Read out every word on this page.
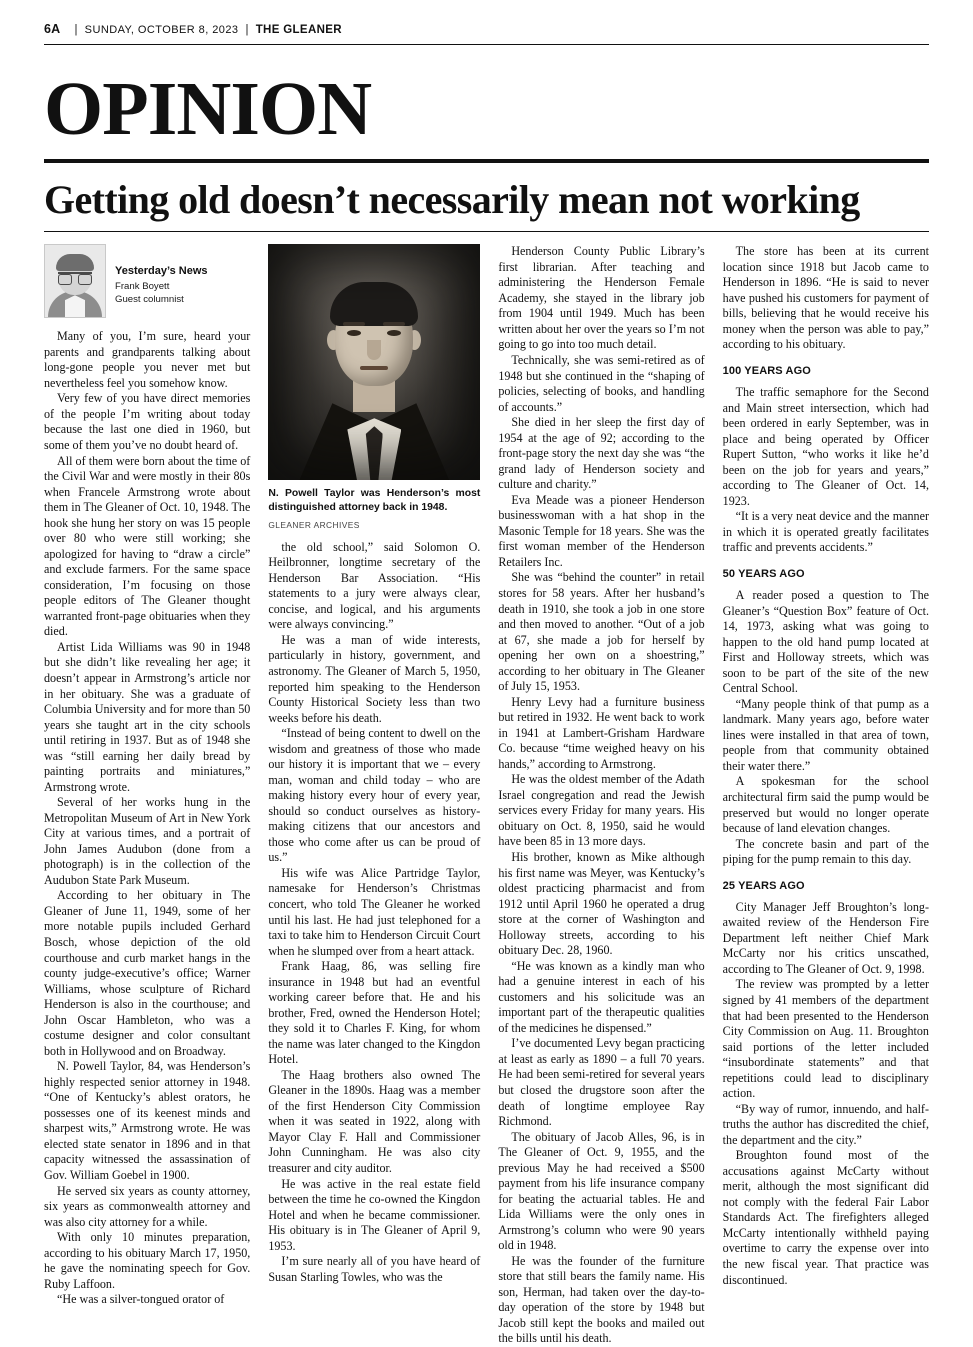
6A | SUNDAY, OCTOBER 8, 2023 | THE GLEANER
OPINION
Getting old doesn’t necessarily mean not working
Yesterday’s News
Frank Boyett
Guest columnist

Many of you, I’m sure, heard your parents and grandparents talking about long-gone people you never met but nevertheless feel you somehow know.

Very few of you have direct memories of the people I’m writing about today because the last one died in 1960, but some of them you’ve no doubt heard of.

All of them were born about the time of the Civil War and were mostly in their 80s when Francele Armstrong wrote about them in The Gleaner of Oct. 10, 1948. The hook she hung her story on was 15 people over 80 who were still working; she apologized for having to “draw a circle” and exclude farmers. For the same space consideration, I’m focusing on those people editors of The Gleaner thought warranted front-page obituaries when they died.

Artist Lida Williams was 90 in 1948 but she didn’t like revealing her age; it doesn’t appear in Armstrong’s article nor in her obituary. She was a graduate of Columbia University and for more than 50 years she taught art in the city schools until retiring in 1937. But as of 1948 she was “still earning her daily bread by painting portraits and miniatures,” Armstrong wrote.

Several of her works hung in the Metropolitan Museum of Art in New York City at various times, and a portrait of John James Audubon (done from a photograph) is in the collection of the Audubon State Park Museum.

According to her obituary in The Gleaner of June 11, 1949, some of her more notable pupils included Gerhard Bosch, whose depiction of the old courthouse and curb market hangs in the county judge-executive’s office; Warner Williams, whose sculpture of Richard Henderson is also in the courthouse; and John Oscar Hambleton, who was a costume designer and color consultant both in Hollywood and on Broadway.

N. Powell Taylor, 84, was Henderson’s highly respected senior attorney in 1948. “One of Kentucky’s ablest orators, he possesses one of its keenest minds and sharpest wits,” Armstrong wrote. He was elected state senator in 1896 and in that capacity witnessed the assassination of Gov. William Goebel in 1900.

He served six years as county attorney, six years as commonwealth attorney and was also city attorney for a while.

With only 10 minutes preparation, according to his obituary March 17, 1950, he gave the nominating speech for Gov. Ruby Laffoon.

“He was a silver-tongued orator of

N. Powell Taylor was Henderson’s most distinguished attorney back in 1948.
GLEANER ARCHIVES

the old school,” said Solomon O. Heilbronner, longtime secretary of the Henderson Bar Association. “His statements to a jury were always clear, concise, and logical, and his arguments were always convincing.”

He was a man of wide interests, particularly in history, government, and astronomy. The Gleaner of March 5, 1950, reported him speaking to the Henderson County Historical Society less than two weeks before his death.

“Instead of being content to dwell on the wisdom and greatness of those who made our history it is important that we – every man, woman and child today – who are making history every hour of every year, should so conduct ourselves as history-making citizens that our ancestors and those who come after us can be proud of us.”

His wife was Alice Partridge Taylor, namesake for Henderson’s Christmas concert, who told The Gleaner he worked until his last. He had just telephoned for a taxi to take him to Henderson Circuit Court when he slumped over from a heart attack.

Frank Haag, 86, was selling fire insurance in 1948 but had an eventful working career before that. He and his brother, Fred, owned the Henderson Hotel; they sold it to Charles F. King, for whom the name was later changed to the Kingdon Hotel.

The Haag brothers also owned The Gleaner in the 1890s. Haag was a member of the first Henderson City Commission when it was seated in 1922, along with Mayor Clay F. Hall and Commissioner John Cunningham. He was also city treasurer and city auditor.

He was active in the real estate field between the time he co-owned the Kingdon Hotel and when he became commissioner. His obituary is in The Gleaner of April 9, 1953.

I’m sure nearly all of you have heard of Susan Starling Towles, who was the

Henderson County Public Library’s first librarian. After teaching and administering the Henderson Female Academy, she stayed in the library job from 1904 until 1949. Much has been written about her over the years so I’m not going to go into too much detail.

Technically, she was semi-retired as of 1948 but she continued in the “shaping of policies, selecting of books, and handling of accounts.”

She died in her sleep the first day of 1954 at the age of 92; according to the front-page story the next day she was “the grand lady of Henderson society and culture and charity.”

Eva Meade was a pioneer Henderson businesswoman with a hat shop in the Masonic Temple for 18 years. She was the first woman member of the Henderson Retailers Inc.

She was “behind the counter” in retail stores for 58 years. After her husband’s death in 1910, she took a job in one store and then moved to another. “Out of a job at 67, she made a job for herself by opening her own on a shoestring,” according to her obituary in The Gleaner of July 15, 1953.

Henry Levy had a furniture business but retired in 1932. He went back to work in 1941 at Lambert-Grisham Hardware Co. because “time weighed heavy on his hands,” according to Armstrong.

He was the oldest member of the Adath Israel congregation and read the Jewish services every Friday for many years. His obituary on Oct. 8, 1950, said he would have been 85 in 13 more days.

His brother, known as Mike although his first name was Meyer, was Kentucky’s oldest practicing pharmacist and from 1912 until April 1960 he operated a drug store at the corner of Washington and Holloway streets, according to his obituary Dec. 28, 1960.

“He was known as a kindly man who had a genuine interest in each of his customers and his solicitude was an important part of the therapeutic qualities of the medicines he dispensed.”

I’ve documented Levy began practicing at least as early as 1890 – a full 70 years. He had been semi-retired for several years but closed the drugstore soon after the death of longtime employee Ray Richmond.

The obituary of Jacob Alles, 96, is in The Gleaner of Oct. 9, 1955, and the previous May he had received a $500 payment from his life insurance company for beating the actuarial tables. He and Lida Williams were the only ones in Armstrong’s column who were 90 years old in 1948.

He was the founder of the furniture store that still bears the family name. His son, Herman, had taken over the day-to-day operation of the store by 1948 but Jacob still kept the books and mailed out the bills until his death.

The store has been at its current location since 1918 but Jacob came to Henderson in 1896. “He is said to never have pushed his customers for payment of bills, believing that he would receive his money when the person was able to pay,” according to his obituary.

100 YEARS AGO

The traffic semaphore for the Second and Main street intersection, which had been ordered in early September, was in place and being operated by Officer Rupert Sutton, “who works it like he’d been on the job for years and years,” according to The Gleaner of Oct. 14, 1923.

“It is a very neat device and the manner in which it is operated greatly facilitates traffic and prevents accidents.”

50 YEARS AGO

A reader posed a question to The Gleaner’s “Question Box” feature of Oct. 14, 1973, asking what was going to happen to the old hand pump located at First and Holloway streets, which was soon to be part of the site of the new Central School.

“Many people think of that pump as a landmark. Many years ago, before water lines were installed in that area of town, people from that community obtained their water there.”

A spokesman for the school architectural firm said the pump would be preserved but would no longer operate because of land elevation changes.

The concrete basin and part of the piping for the pump remain to this day.

25 YEARS AGO

City Manager Jeff Broughton’s long-awaited review of the Henderson Fire Department left neither Chief Mark McCarty nor his critics unscathed, according to The Gleaner of Oct. 9, 1998.

The review was prompted by a letter signed by 41 members of the department that had been presented to the Henderson City Commission on Aug. 11. Broughton said portions of the letter included “insubordinate statements” and that repetitions could lead to disciplinary action.

“By way of rumor, innuendo, and half-truths the author has discredited the chief, the department and the city.”

Broughton found most of the accusations against McCarty without merit, although the most significant did not comply with the federal Fair Labor Standards Act. The firefighters alleged McCarty intentionally withheld paying overtime to carry the expense over into the new fiscal year. That practice was discontinued.
